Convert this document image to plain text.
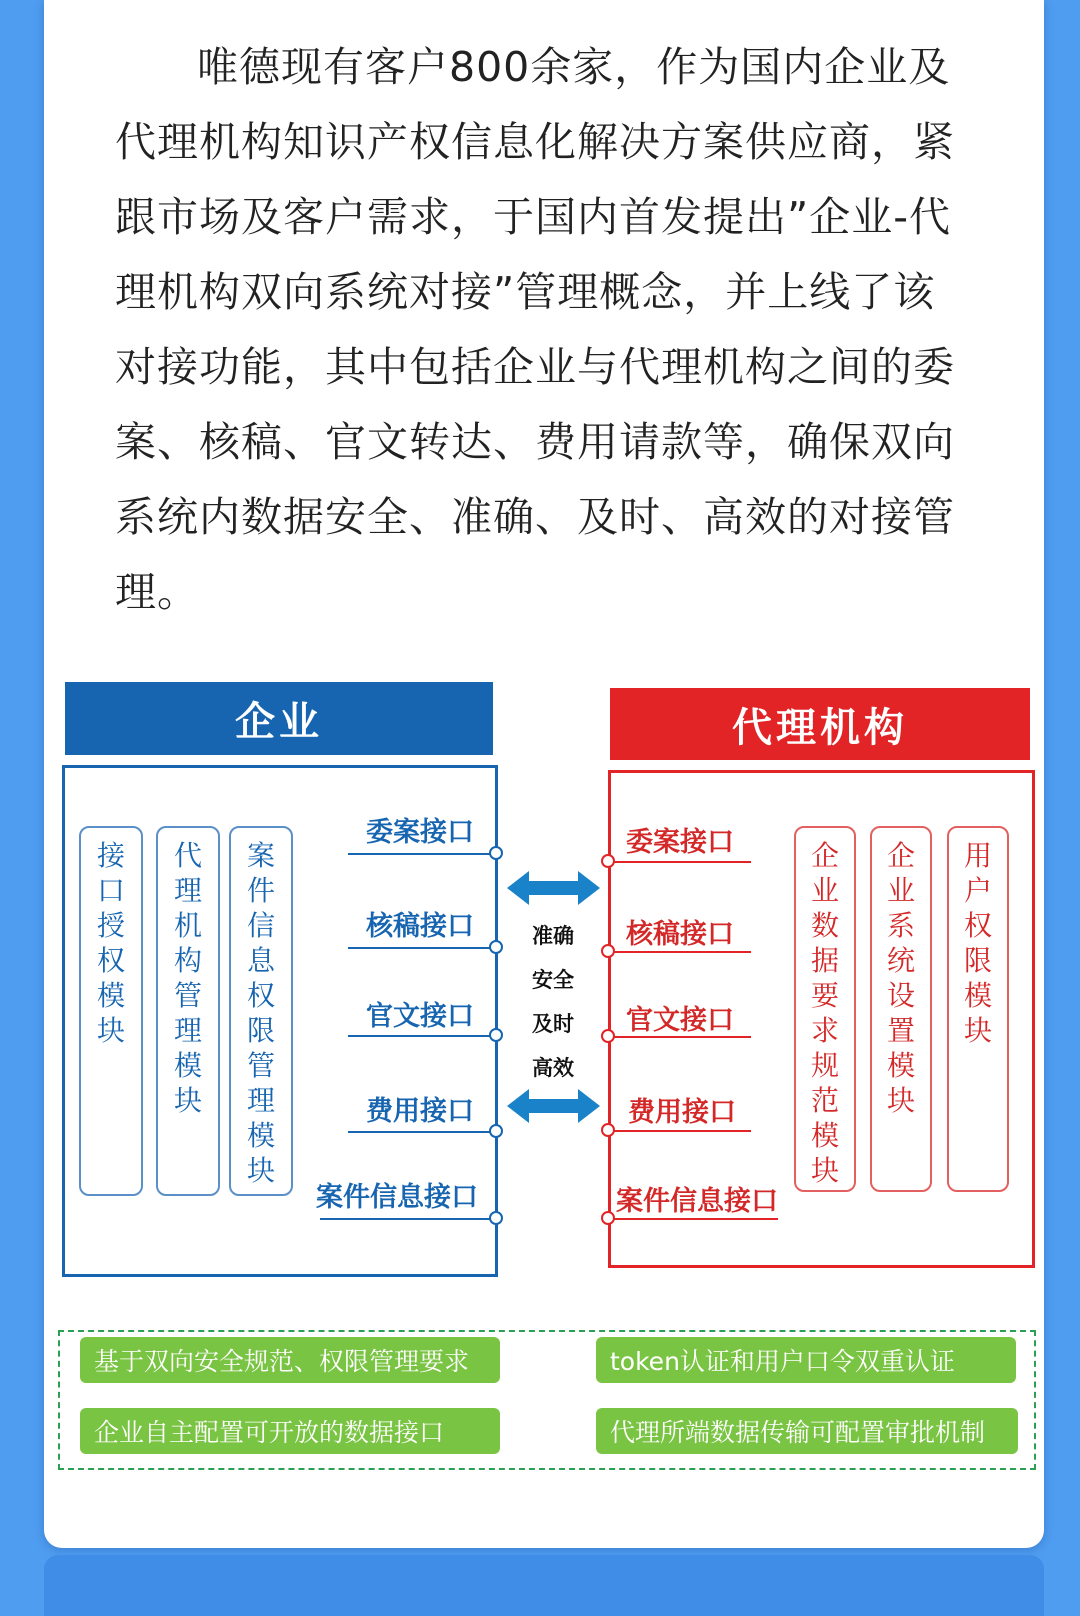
唯德现有客户800余家，作为国内企业及代理机构知识产权信息化解决方案供应商，紧跟市场及客户需求，于国内首发提出”企业-代理机构双向系统对接”管理概念，并上线了该对接功能，其中包括企业与代理机构之间的委案、核稿、官文转达、费用请款等，确保双向系统内数据安全、准确、及时、高效的对接管理。

企业
接
口
授
权
模
块
代
理
机
构
管
理
模
块
案
件
信
息
权
限
管
理
模
块
委案接口
核稿接口
官文接口
费用接口
案件信息接口
准确
安全
及时
高效
代理机构
委案接口
核稿接口
官文接口
费用接口
案件信息接口
企
业
数
据
要
求
规
范
模
块
企
业
系
统
设
置
模
块
用
户
权
限
模
块
基于双向安全规范、权限管理要求	token认证和用户口令双重认证
企业自主配置可开放的数据接口	代理所端数据传输可配置审批机制
